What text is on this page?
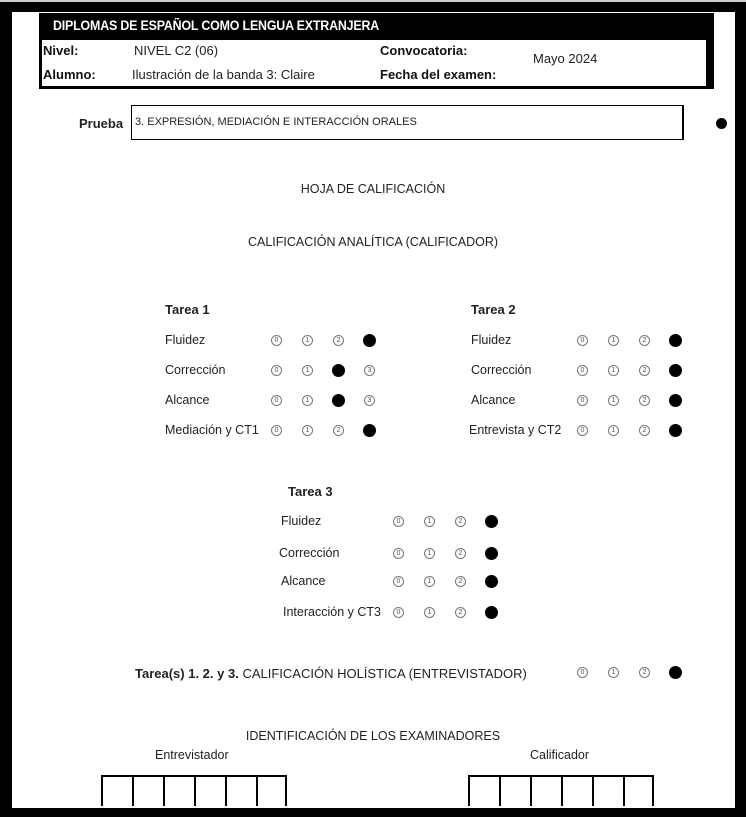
DIPLOMAS DE ESPAÑOL COMO LENGUA EXTRANJERA
Nivel:	NIVEL C2 (06)
Alumno:	Ilustración de la banda 3: Claire
Convocatoria:
Mayo 2024
Fecha del examen:
Prueba 3. EXPRESIÓN, MEDIACIÓN E INTERACCIÓN ORALES
HOJA DE CALIFICACIÓN
CALIFICACIÓN ANALÍTICA (CALIFICADOR)
Tarea 1
Fluidez	0	1	2
Corrección	0	1	3
Alcance	0	1	3
Mediación y CT1	0	1	2
Tarea 2
Fluidez	0	1	2
Corrección	0	1	2
Alcance	0	1	2
Entrevista y CT2	0	1	2
Tarea 3
Fluidez	0	1	2
Corrección	0	1	2
Alcance	0	1	2
Interacción y CT3	0	1	2
Tarea(s) 1. 2. y 3. CALIFICACIÓN HOLÍSTICA (ENTREVISTADOR)	0	1	2
IDENTIFICACIÓN DE LOS EXAMINADORES
Entrevistador	Calificador
